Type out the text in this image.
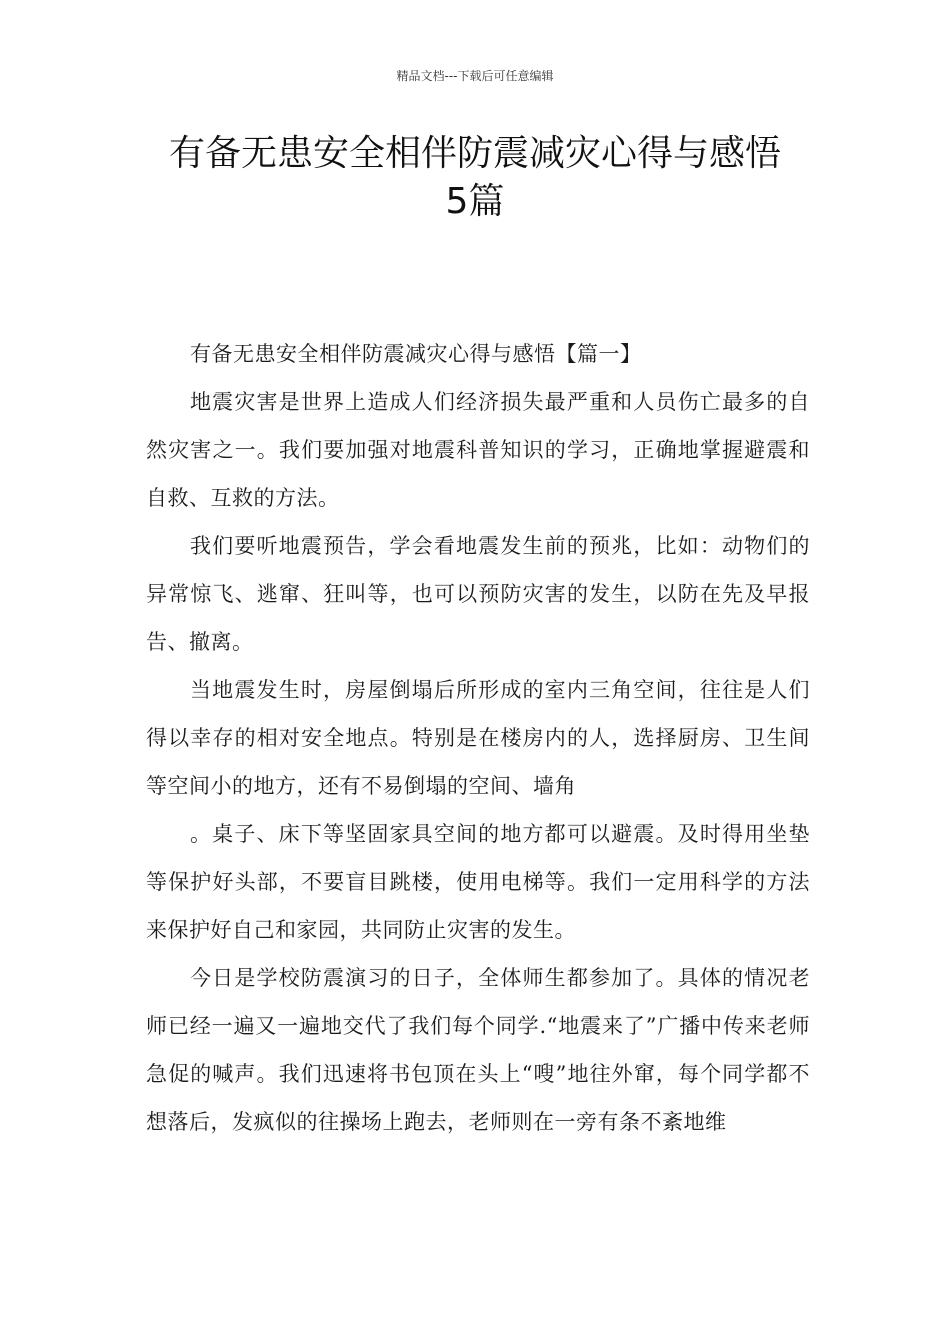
精品文档---下载后可任意编辑
有备无患安全相伴防震减灾心得与感悟
5篇

有备无患安全相伴防震减灾心得与感悟【篇一】

地震灾害是世界上造成人们经济损失最严重和人员伤亡最多的自然灾害之一。我们要加强对地震科普知识的学习，正确地掌握避震和自救、互救的方法。

我们要听地震预告，学会看地震发生前的预兆，比如：动物们的异常惊飞、逃窜、狂叫等，也可以预防灾害的发生，以防在先及早报告、撤离。

当地震发生时，房屋倒塌后所形成的室内三角空间，往往是人们得以幸存的相对安全地点。特别是在楼房内的人，选择厨房、卫生间等空间小的地方，还有不易倒塌的空间、墙角

。桌子、床下等坚固家具空间的地方都可以避震。及时得用坐垫等保护好头部，不要盲目跳楼，使用电梯等。我们一定用科学的方法来保护好自己和家园，共同防止灾害的发生。

今日是学校防震演习的日子，全体师生都参加了。具体的情况老师已经一遍又一遍地交代了我们每个同学.“地震来了”广播中传来老师急促的喊声。我们迅速将书包顶在头上“嗖”地往外窜，每个同学都不想落后，发疯似的往操场上跑去，老师则在一旁有条不紊地维
